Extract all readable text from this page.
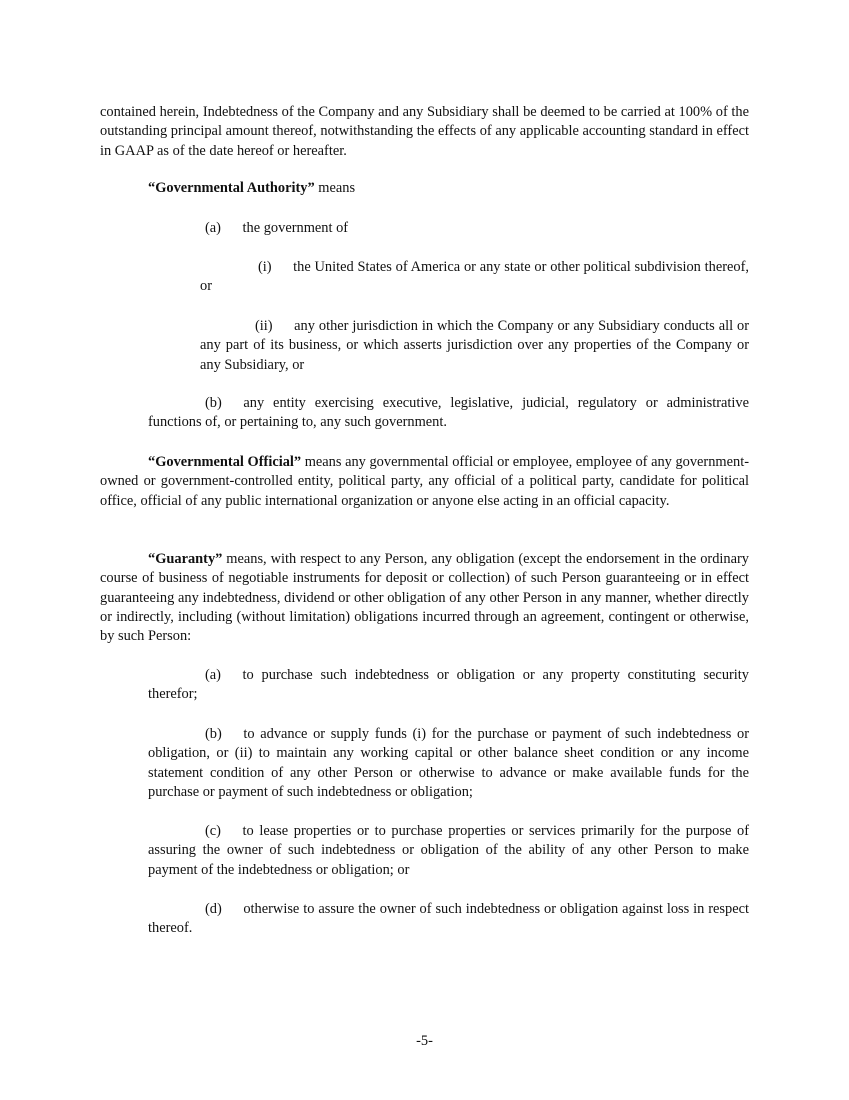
contained herein, Indebtedness of the Company and any Subsidiary shall be deemed to be carried at 100% of the outstanding principal amount thereof, notwithstanding the effects of any applicable accounting standard in effect in GAAP as of the date hereof or hereafter.

“Governmental Authority” means

(a)  the government of

(i)  the United States of America or any state or other political subdivision thereof, or

(ii)  any other jurisdiction in which the Company or any Subsidiary conducts all or any part of its business, or which asserts jurisdiction over any properties of the Company or any Subsidiary, or

(b)  any entity exercising executive, legislative, judicial, regulatory or administrative functions of, or pertaining to, any such government.

“Governmental Official” means any governmental official or employee, employee of any government-owned or government-controlled entity, political party, any official of a political party, candidate for political office, official of any public international organization or anyone else acting in an official capacity.

“Guaranty” means, with respect to any Person, any obligation (except the endorsement in the ordinary course of business of negotiable instruments for deposit or collection) of such Person guaranteeing or in effect guaranteeing any indebtedness, dividend or other obligation of any other Person in any manner, whether directly or indirectly, including (without limitation) obligations incurred through an agreement, contingent or otherwise, by such Person:

(a)  to purchase such indebtedness or obligation or any property constituting security therefor;

(b)  to advance or supply funds (i) for the purchase or payment of such indebtedness or obligation, or (ii) to maintain any working capital or other balance sheet condition or any income statement condition of any other Person or otherwise to advance or make available funds for the purchase or payment of such indebtedness or obligation;

(c)  to lease properties or to purchase properties or services primarily for the purpose of assuring the owner of such indebtedness or obligation of the ability of any other Person to make payment of the indebtedness or obligation; or

(d)  otherwise to assure the owner of such indebtedness or obligation against loss in respect thereof.

-5-
